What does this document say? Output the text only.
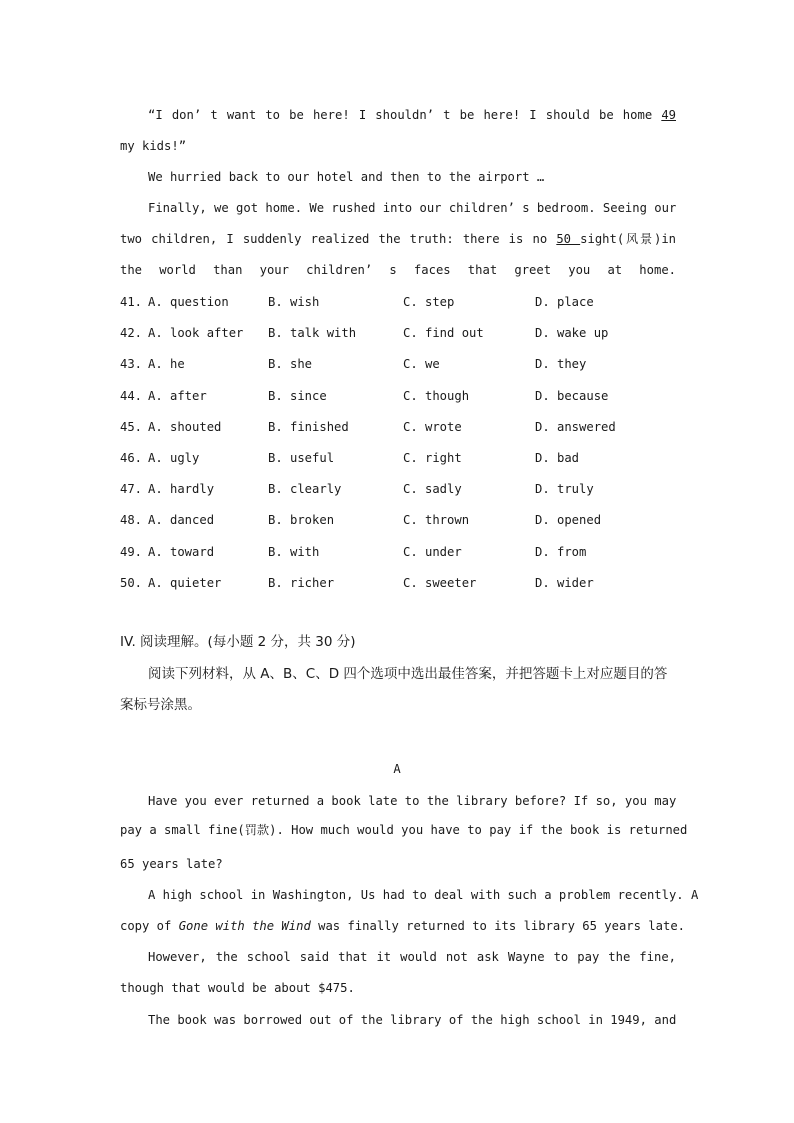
“I don’ t want to be here! I shouldn’ t be here! I should be home 49
my kids!”
We hurried back to our hotel and then to the airport …
Finally, we got home. We rushed into our children’ s bedroom. Seeing our
two children, I suddenly realized the truth: there is no 50 sight(风景)in
the world than your children’ s faces that greet you at home.
41. A. question	B. wish	C. step	D. place
42. A. look after B. talk with	C. find out	D. wake up
43. A. he	B. she	C. we	D. they
44. A. after	B. since	C. though	D. because
45. A. shouted	B. finished	C. wrote	D. answered
46. A. ugly	B. useful	C. right	D. bad
47. A. hardly	B. clearly	C. sadly	D. truly
48. A. danced	B. broken	C. thrown	D. opened
49. A. toward	B. with	C. under	D. from
50. A. quieter	B. richer	C. sweeter	D. wider
IV. 阅读理解。(每小题 2 分，共 30 分)
阅读下列材料，从 A、B、C、D 四个选项中选出最佳答案，并把答题卡上对应题目的答
案标号涂黑。
A
Have you ever returned a book late to the library before? If so, you may
pay a small fine(罚款). How much would you have to pay if the book is returned
65 years late?
A high school in Washington, Us had to deal with such a problem recently. A
copy of Gone with the Wind was finally returned to its library 65 years late.
However, the school said that it would not ask Wayne to pay the fine,
though that would be about $475.
The book was borrowed out of the library of the high school in 1949, and
